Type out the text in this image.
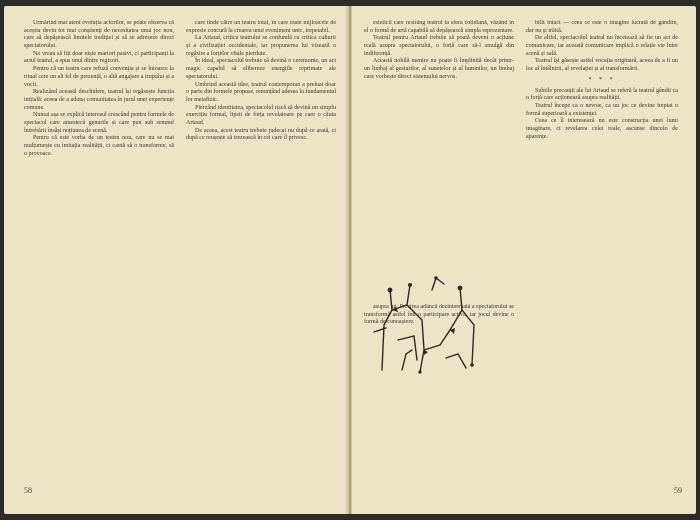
Urmărind mai atent evoluția actorilor, se poate observa că aceștia devin tot mai conștienți de necesitatea unui joc nou, care să depășească limitele tradiției și să se adreseze direct spectatorului.

No vreau să fiți doar niște martori pasivi, ci participanți la actul teatral, a spus unul dintre regizori.

Pentru că un teatru care refuză convenția și se întoarce la ritual cere un alt fel de prezență, o altă angajare a trupului și a vocii.

Realizând această deschidere, teatrul își regăsește funcția inițială: aceea de a aduna comunitatea în jurul unei experiențe comune.

Numai așa se explică interesul crescând pentru formele de spectacol care amestecă genurile și care pun sub semnul întrebării însăși noțiunea de scenă.

Pentru că este vorba de un teatru nou, care nu se mai mulțumește cu imitația realității, ci caută să o transforme, să o provoace.

care tinde către un teatru total, în care toate mijloacele de expresie concură la crearea unui eveniment unic, irepetabil.

La Artaud, critica teatrului se confundă cu critica culturii și a civilizației occidentale, iar propunerea lui vizează o regăsire a forțelor vitale pierdute.

În ideal, spectacolul trebuie să devină o ceremonie, un act magic capabil să elibereze energiile reprimate ale spectatorului.

Umbrind această idee, teatrul contemporan a preluat doar o parte din formele propuse, renunțând adesea la fundamentul lor metafizic.

Pierzând identitatea, spectacolul riscă să devină un simplu exercițiu formal, lipsit de forța revelatoare pe care o căuta Artaud.

De aceea, acest teatru trebuie judecat nu după ce arată, ci după ce reușește să trezească în cei care îl privesc.

58

esteticii care restrâng teatrul la sfera cotidiană, văzând în el o formă de artă capabilă să depășească simpla reprezentare.

Teatrul pentru Artaud trebuie să poată deveni o acțiune reală asupra spectatorului, o forță care să-l smulgă din indiferență.

Această nobilă menire nu poate fi împlinită decât printr-un limbaj al gesturilor, al sunetelor și al luminilor, un limbaj care vorbește direct sistemului nervos.

asupra lui. Privirea adâncă dezinteresată a spectatorului se transformă astfel într-o participare activă, iar jocul devine o formă de cunoaștere.

bilit intact — ceea ce este o imagine lucrată de gândire, dar nu și trăită.

De altfel, spectacolul teatral nu încetează să fie un act de comunicare, iar această comunicare implică o relație vie între scenă și sală.

Teatrul își găsește astfel vocația originară, aceea de a fi un loc al întâlnirii, al revelației și al transformării.

* * *

Subtile precauții ale lui Artaud se referă la teatrul gândit ca o forță care acționează asupra realității.

Teatrul începe ca o nevoie, ca un joc ce devine treptat o formă superioară a existenței.

Ceea ce îl interesează nu este construcția unei lumi imaginare, ci revelarea celei reale, ascunse dincolo de aparențe.

59
